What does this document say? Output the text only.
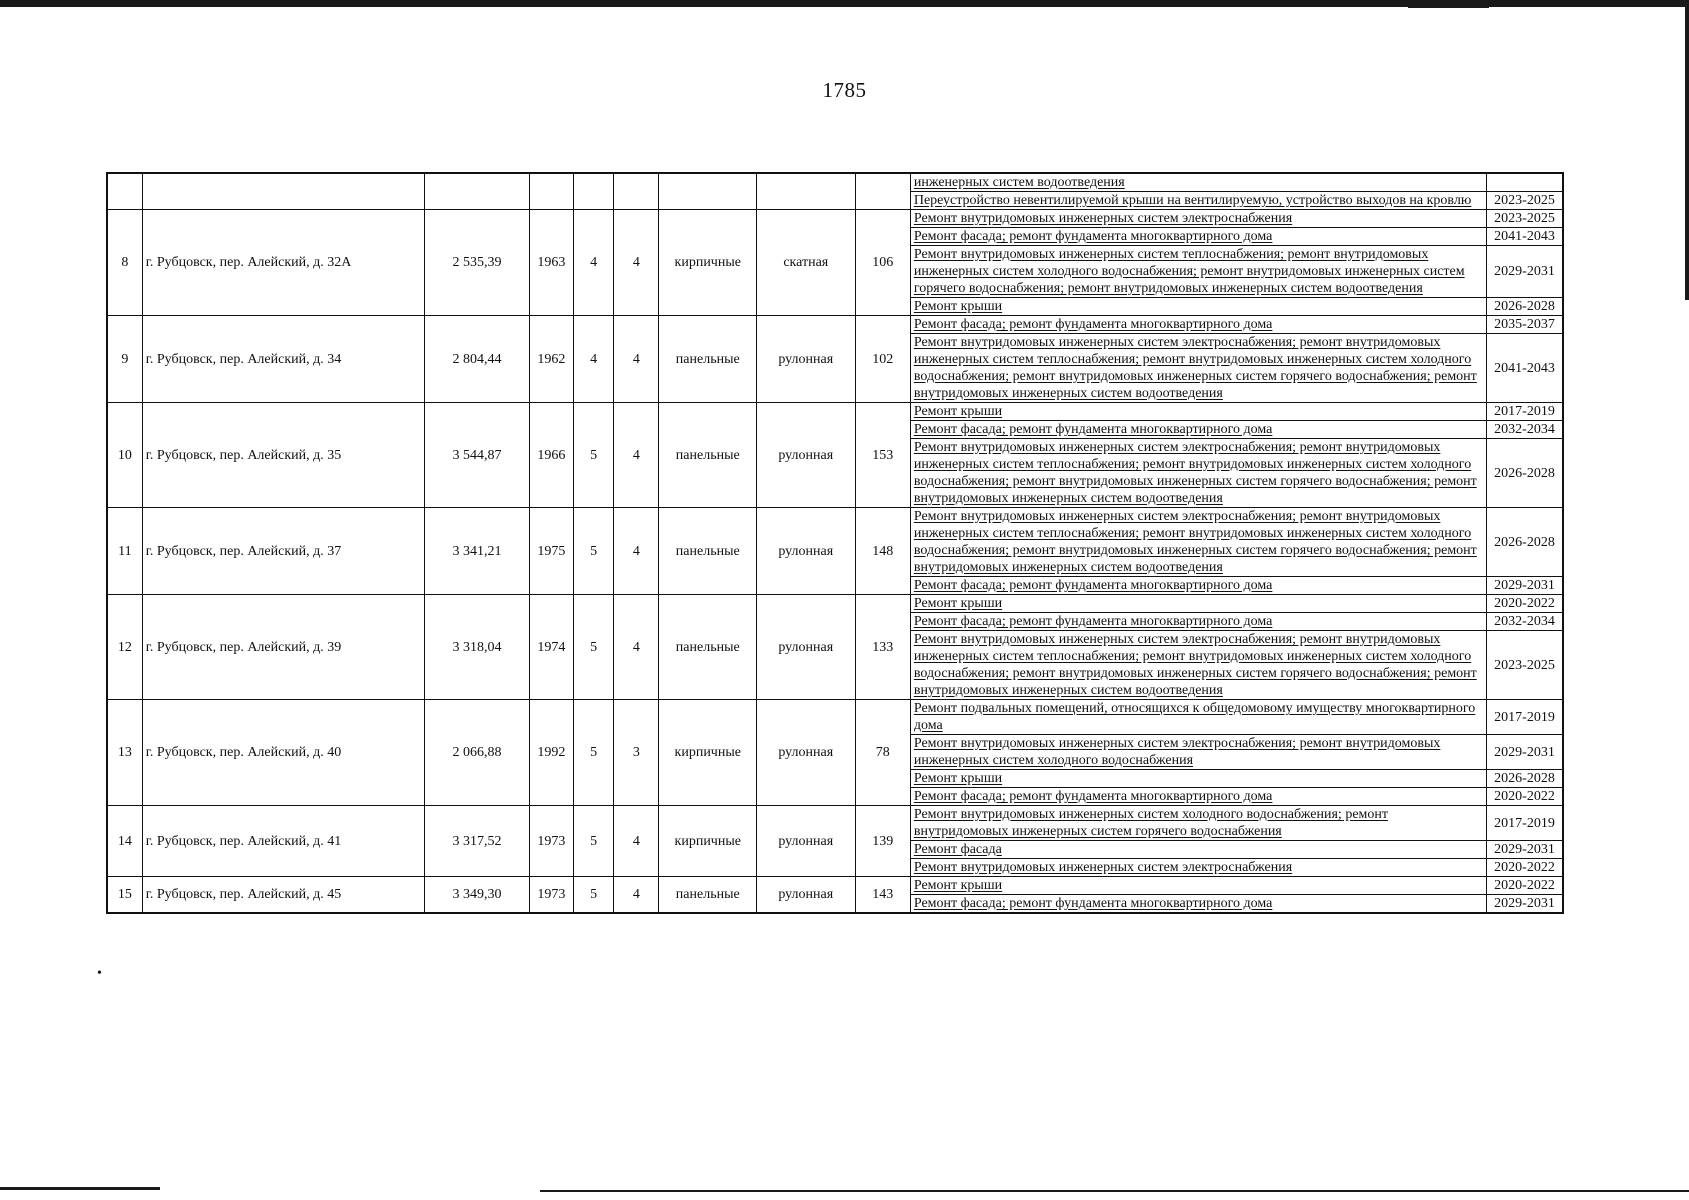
1785
•
									инженерных систем водоотведения	
									Переустройство невентилируемой крыши на вентилируемую, устройство выходов на кровлю	2023-2025
8	г. Рубцовск, пер. Алейский, д. 32А	2 535,39	1963	4	4	кирпичные	скатная	106	Ремонт внутридомовых инженерных систем электроснабжения	2023-2025
									Ремонт фасада; ремонт фундамента многоквартирного дома	2041-2043
									Ремонт внутридомовых инженерных систем теплоснабжения; ремонт внутридомовых инженерных систем холодного водоснабжения; ремонт внутридомовых инженерных систем горячего водоснабжения; ремонт внутридомовых инженерных систем водоотведения	2029-2031
									Ремонт крыши	2026-2028
9	г. Рубцовск, пер. Алейский, д. 34	2 804,44	1962	4	4	панельные	рулонная	102	Ремонт фасада; ремонт фундамента многоквартирного дома	2035-2037
									Ремонт внутридомовых инженерных систем электроснабжения; ремонт внутридомовых инженерных систем теплоснабжения; ремонт внутридомовых инженерных систем холодного водоснабжения; ремонт внутридомовых инженерных систем горячего водоснабжения; ремонт внутридомовых инженерных систем водоотведения	2041-2043
10	г. Рубцовск, пер. Алейский, д. 35	3 544,87	1966	5	4	панельные	рулонная	153	Ремонт крыши	2017-2019
									Ремонт фасада; ремонт фундамента многоквартирного дома	2032-2034
									Ремонт внутридомовых инженерных систем электроснабжения; ремонт внутридомовых инженерных систем теплоснабжения; ремонт внутридомовых инженерных систем холодного водоснабжения; ремонт внутридомовых инженерных систем горячего водоснабжения; ремонт внутридомовых инженерных систем водоотведения	2026-2028
11	г. Рубцовск, пер. Алейский, д. 37	3 341,21	1975	5	4	панельные	рулонная	148	Ремонт внутридомовых инженерных систем электроснабжения; ремонт внутридомовых инженерных систем теплоснабжения; ремонт внутридомовых инженерных систем холодного водоснабжения; ремонт внутридомовых инженерных систем горячего водоснабжения; ремонт внутридомовых инженерных систем водоотведения	2026-2028
									Ремонт фасада; ремонт фундамента многоквартирного дома	2029-2031
12	г. Рубцовск, пер. Алейский, д. 39	3 318,04	1974	5	4	панельные	рулонная	133	Ремонт крыши	2020-2022
									Ремонт фасада; ремонт фундамента многоквартирного дома	2032-2034
									Ремонт внутридомовых инженерных систем электроснабжения; ремонт внутридомовых инженерных систем теплоснабжения; ремонт внутридомовых инженерных систем холодного водоснабжения; ремонт внутридомовых инженерных систем горячего водоснабжения; ремонт внутридомовых инженерных систем водоотведения	2023-2025
13	г. Рубцовск, пер. Алейский, д. 40	2 066,88	1992	5	3	кирпичные	рулонная	78	Ремонт подвальных помещений, относящихся к общедомовому имуществу многоквартирного дома	2017-2019
									Ремонт внутридомовых инженерных систем электроснабжения; ремонт внутридомовых инженерных систем холодного водоснабжения	2029-2031
									Ремонт крыши	2026-2028
									Ремонт фасада; ремонт фундамента многоквартирного дома	2020-2022
14	г. Рубцовск, пер. Алейский, д. 41	3 317,52	1973	5	4	кирпичные	рулонная	139	Ремонт внутридомовых инженерных систем холодного водоснабжения; ремонт внутридомовых инженерных систем горячего водоснабжения	2017-2019
									Ремонт фасада	2029-2031
									Ремонт внутридомовых инженерных систем электроснабжения	2020-2022
15	г. Рубцовск, пер. Алейский, д. 45	3 349,30	1973	5	4	панельные	рулонная	143	Ремонт крыши	2020-2022
									Ремонт фасада; ремонт фундамента многоквартирного дома	2029-2031
